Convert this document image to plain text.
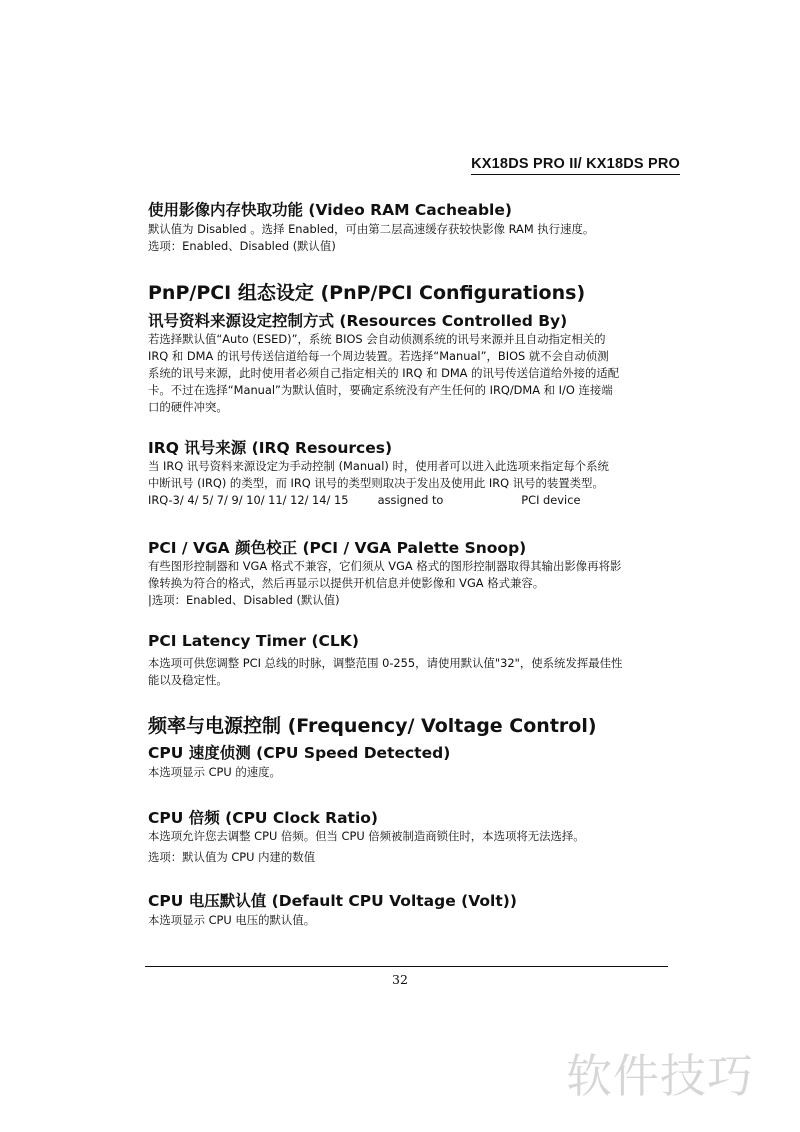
KX18DS PRO II/ KX18DS PRO
使用影像内存快取功能 (Video RAM Cacheable)

默认值为 Disabled 。选择 Enabled，可由第二层高速缓存获较快影像 RAM 执行速度。

选项：Enabled、Disabled (默认值)

PnP/PCI 组态设定 (PnP/PCI Configurations)
讯号资料来源设定控制方式 (Resources Controlled By)

若选择默认值“Auto (ESED)”，系统 BIOS 会自动侦测系统的讯号来源并且自动指定相关的

IRQ 和 DMA 的讯号传送信道给每一个周边装置。若选择“Manual”，BIOS 就不会自动侦测

系统的讯号来源，此时使用者必须自己指定相关的 IRQ 和 DMA 的讯号传送信道给外接的适配

卡。不过在选择“Manual”为默认值时，要确定系统没有产生任何的 IRQ/DMA 和 I/O 连接端

口的硬件冲突。

IRQ 讯号来源 (IRQ Resources)

当 IRQ 讯号资料来源设定为手动控制 (Manual) 时，使用者可以进入此选项来指定每个系统

中断讯号 (IRQ) 的类型，而 IRQ 讯号的类型则取决于发出及使用此 IRQ 讯号的装置类型。

IRQ-3/ 4/ 5/ 7/ 9/ 10/ 11/ 12/ 14/ 15	assigned to	PCI device

PCI / VGA 颜色校正 (PCI / VGA Palette Snoop)

有些图形控制器和 VGA 格式不兼容，它们须从 VGA 格式的图形控制器取得其输出影像再将影

像转换为符合的格式，然后再显示以提供开机信息并使影像和 VGA 格式兼容。

|选项：Enabled、Disabled (默认值)

PCI Latency Timer (CLK)

本选项可供您调整 PCI 总线的时脉，调整范围 0-255，请使用默认值"32"，使系统发挥最佳性

能以及稳定性。

频率与电源控制 (Frequency/ Voltage Control)
CPU 速度侦测 (CPU Speed Detected)

本选项显示 CPU 的速度。

CPU 倍频 (CPU Clock Ratio)

本选项允许您去调整 CPU 倍频。但当 CPU 倍频被制造商锁住时，本选项将无法选择。

选项：默认值为 CPU 内建的数值

CPU 电压默认值 (Default CPU Voltage (Volt))

本选项显示 CPU 电压的默认值。

32
软件技巧
